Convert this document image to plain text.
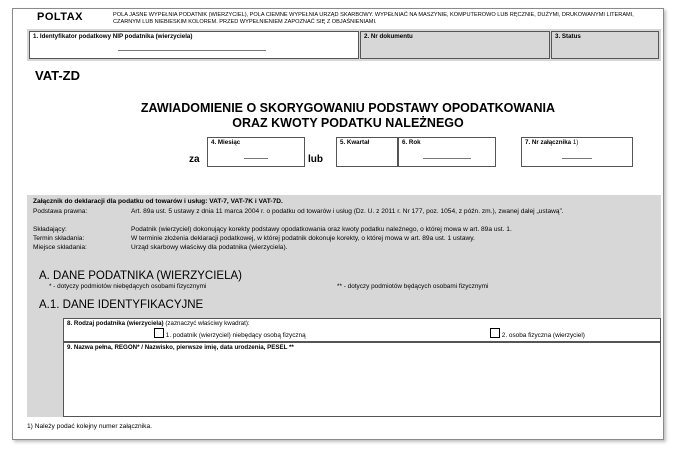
POLTAX	POLA JASNE WYPEŁNIA PODATNIK (WIERZYCIEL), POLA CIEMNE WYPEŁNIA URZĄD SKARBOWY. WYPEŁNIAĆ NA MASZYNIE, KOMPUTEROWO LUB RĘCZNIE, DUŻYMI, DRUKOWANYMI LITERAMI, CZARNYM LUB NIEBIESKIM KOLOREM. PRZED WYPEŁNIENIEM ZAPOZNAĆ SIĘ Z OBJAŚNIENIAMI.
1. Identyfikator podatkowy NIP podatnika (wierzyciela)	2. Nr dokumentu	3. Status
VAT-ZD
ZAWIADOMIENIE O SKORYGOWANIU PODSTAWY OPODATKOWANIA
ORAZ KWOTY PODATKU NALEŻNEGO
za
4. Miesiąc
lub
5. Kwartał	6. Rok	7. Nr załącznika 1)
Załącznik do deklaracji dla podatku od towarów i usług: VAT-7, VAT-7K i VAT-7D.
Podstawa prawna:	Art. 89a ust. 5 ustawy z dnia 11 marca 2004 r. o podatku od towarów i usług (Dz. U. z 2011 r. Nr 177, poz. 1054, z późn. zm.), zwanej dalej „ustawą”.
Składający:	Podatnik (wierzyciel) dokonujący korekty podstawy opodatkowania oraz kwoty podatku należnego, o której mowa w art. 89a ust. 1.
Termin składania:	W terminie złożenia deklaracji podatkowej, w której podatnik dokonuje korekty, o której mowa w art. 89a ust. 1 ustawy.
Miejsce składania:	Urząd skarbowy właściwy dla podatnika (wierzyciela).
A. DANE PODATNIKA (WIERZYCIELA)
* - dotyczy podmiotów niebędących osobami fizycznymi	** - dotyczy podmiotów będących osobami fizycznymi
A.1. DANE IDENTYFIKACYJNE
8. Rodzaj podatnika (wierzyciela) (zaznaczyć właściwy kwadrat):
1. podatnik (wierzyciel) niebędący osobą fizyczną	2. osoba fizyczna (wierzyciel)
9. Nazwa pełna, REGON* / Nazwisko, pierwsze imię, data urodzenia, PESEL **
1) Należy podać kolejny numer załącznika.
